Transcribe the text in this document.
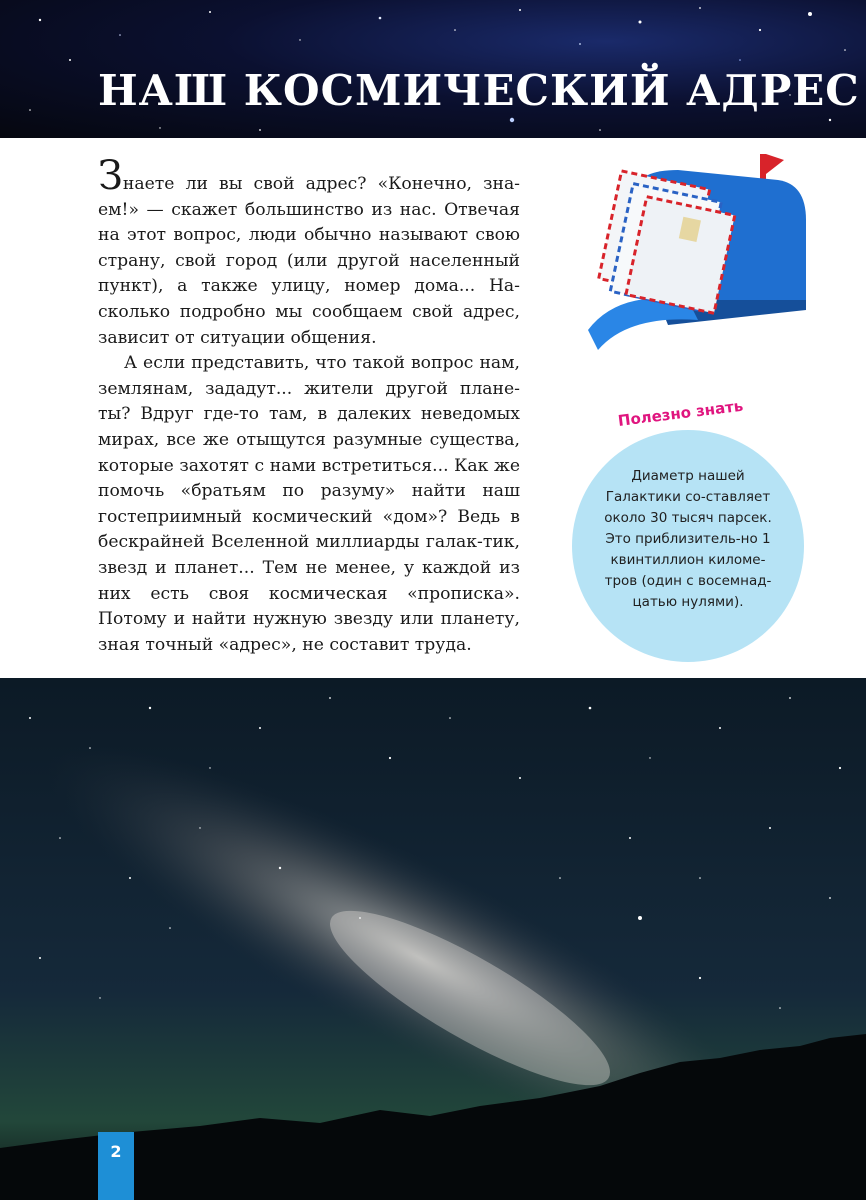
НАШ КОСМИЧЕСКИЙ АДРЕС

Знаете ли вы свой адрес? «Конечно, зна-ем!» — скажет большинство из нас. Отвечая на этот вопрос, люди обычно называют свою страну, свой город (или другой населенный пункт), а также улицу, номер дома... На-сколько подробно мы сообщаем свой адрес, зависит от ситуации общения.

А если представить, что такой вопрос нам, землянам, зададут... жители другой плане-ты? Вдруг где-то там, в далеких неведомых мирах, все же отыщутся разумные существа, которые захотят с нами встретиться... Как же помочь «братьям по разуму» найти наш гостеприимный космический «дом»? Ведь в бескрайней Вселенной миллиарды галак-тик, звезд и планет... Тем не менее, у каждой из них есть своя космическая «прописка». Потому и найти нужную звезду или планету, зная точный «адрес», не составит труда.

Полезно знать

Диаметр нашей Галактики со-ставляет около 30 тысяч парсек. Это приблизитель-но 1 квинтиллион киломе-тров (один с восемнад-цатью нулями).

2
